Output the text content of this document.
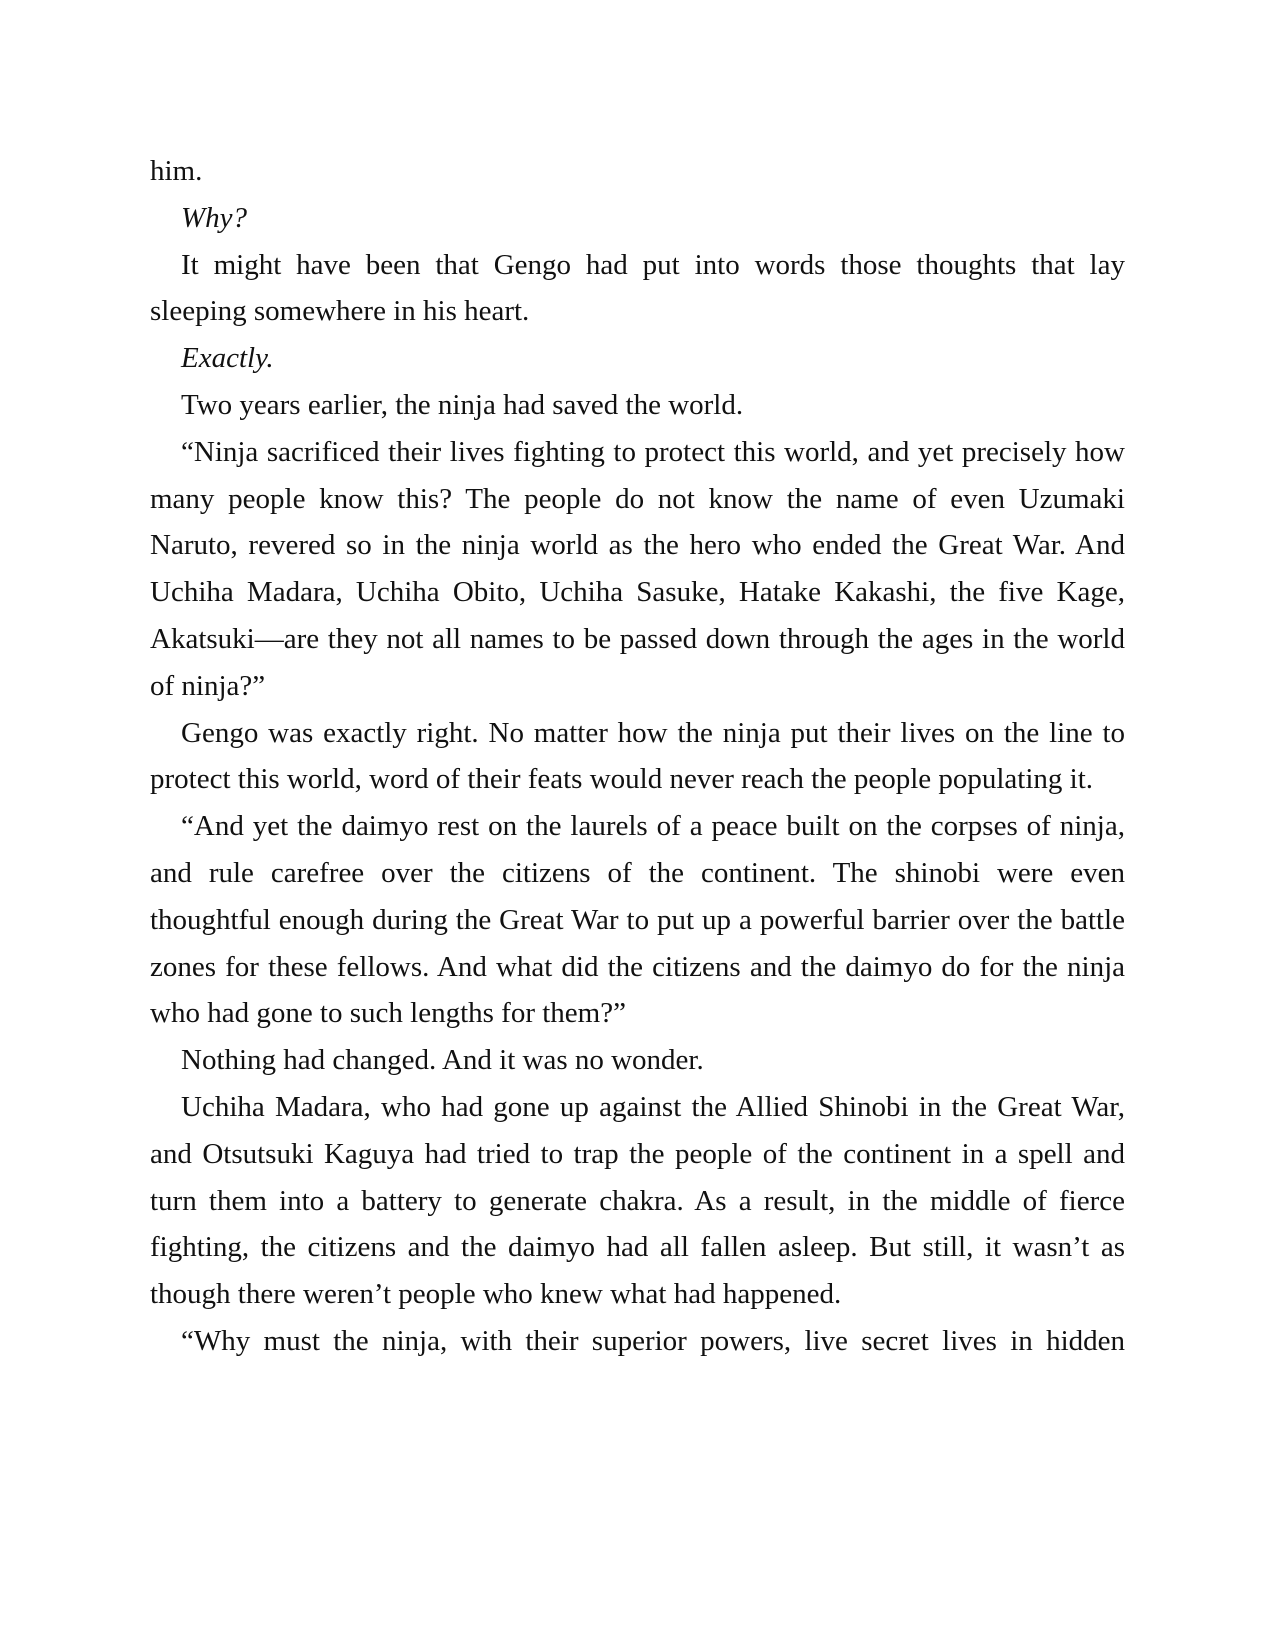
him.

Why?

It might have been that Gengo had put into words those thoughts that lay sleeping somewhere in his heart.

Exactly.

Two years earlier, the ninja had saved the world.

“Ninja sacrificed their lives fighting to protect this world, and yet precisely how many people know this? The people do not know the name of even Uzumaki Naruto, revered so in the ninja world as the hero who ended the Great War. And Uchiha Madara, Uchiha Obito, Uchiha Sasuke, Hatake Kakashi, the five Kage, Akatsuki—are they not all names to be passed down through the ages in the world of ninja?”

Gengo was exactly right. No matter how the ninja put their lives on the line to protect this world, word of their feats would never reach the people populating it.

“And yet the daimyo rest on the laurels of a peace built on the corpses of ninja, and rule carefree over the citizens of the continent. The shinobi were even thoughtful enough during the Great War to put up a powerful barrier over the battle zones for these fellows. And what did the citizens and the daimyo do for the ninja who had gone to such lengths for them?”

Nothing had changed. And it was no wonder.

Uchiha Madara, who had gone up against the Allied Shinobi in the Great War, and Otsutsuki Kaguya had tried to trap the people of the continent in a spell and turn them into a battery to generate chakra. As a result, in the middle of fierce fighting, the citizens and the daimyo had all fallen asleep. But still, it wasn’t as though there weren’t people who knew what had happened.

“Why must the ninja, with their superior powers, live secret lives in hidden
